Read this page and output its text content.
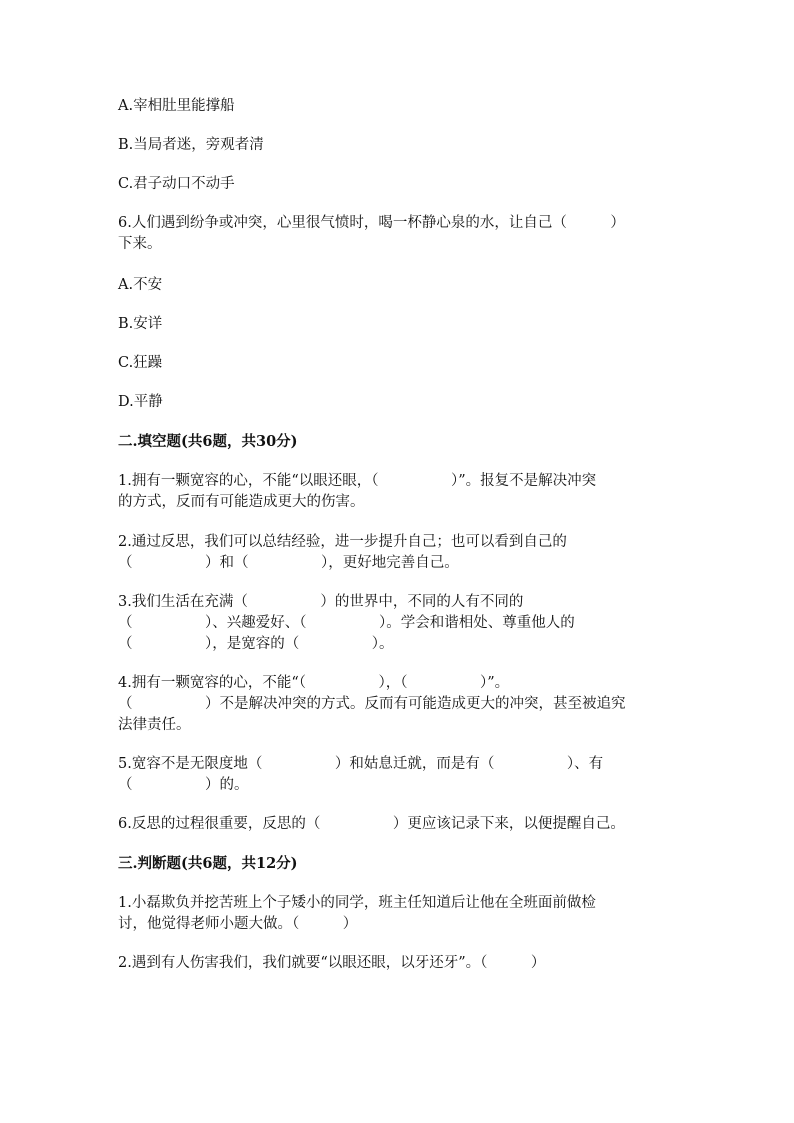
A.宰相肚里能撑船

B.当局者迷，旁观者清

C.君子动口不动手

6.人们遇到纷争或冲突，心里很气愤时，喝一杯静心泉的水，让自己（　　　）

下来。

A.不安

B.安详

C.狂躁

D.平静

二.填空题(共6题，共30分)

1.拥有一颗宽容的心，不能“以眼还眼，（　　　　　）”。报复不是解决冲突

的方式，反而有可能造成更大的伤害。

2.通过反思，我们可以总结经验，进一步提升自己；也可以看到自己的

（　　　　　）和（　　　　　），更好地完善自己。

3.我们生活在充满（　　　　　）的世界中，不同的人有不同的

（　　　　　）、兴趣爱好、（　　　　　）。学会和谐相处、尊重他人的

（　　　　　），是宽容的（　　　　　）。

4.拥有一颗宽容的心，不能“（　　　　　），（　　　　　）”。

（　　　　　）不是解决冲突的方式。反而有可能造成更大的冲突，甚至被追究

法律责任。

5.宽容不是无限度地（　　　　　）和姑息迁就，而是有（　　　　　）、有

（　　　　　）的。

6.反思的过程很重要，反思的（　　　　　）更应该记录下来，以便提醒自己。

三.判断题(共6题，共12分)

1.小磊欺负并挖苦班上个子矮小的同学，班主任知道后让他在全班面前做检

讨，他觉得老师小题大做。（　　　）

2.遇到有人伤害我们，我们就要“以眼还眼，以牙还牙”。（　　　）
